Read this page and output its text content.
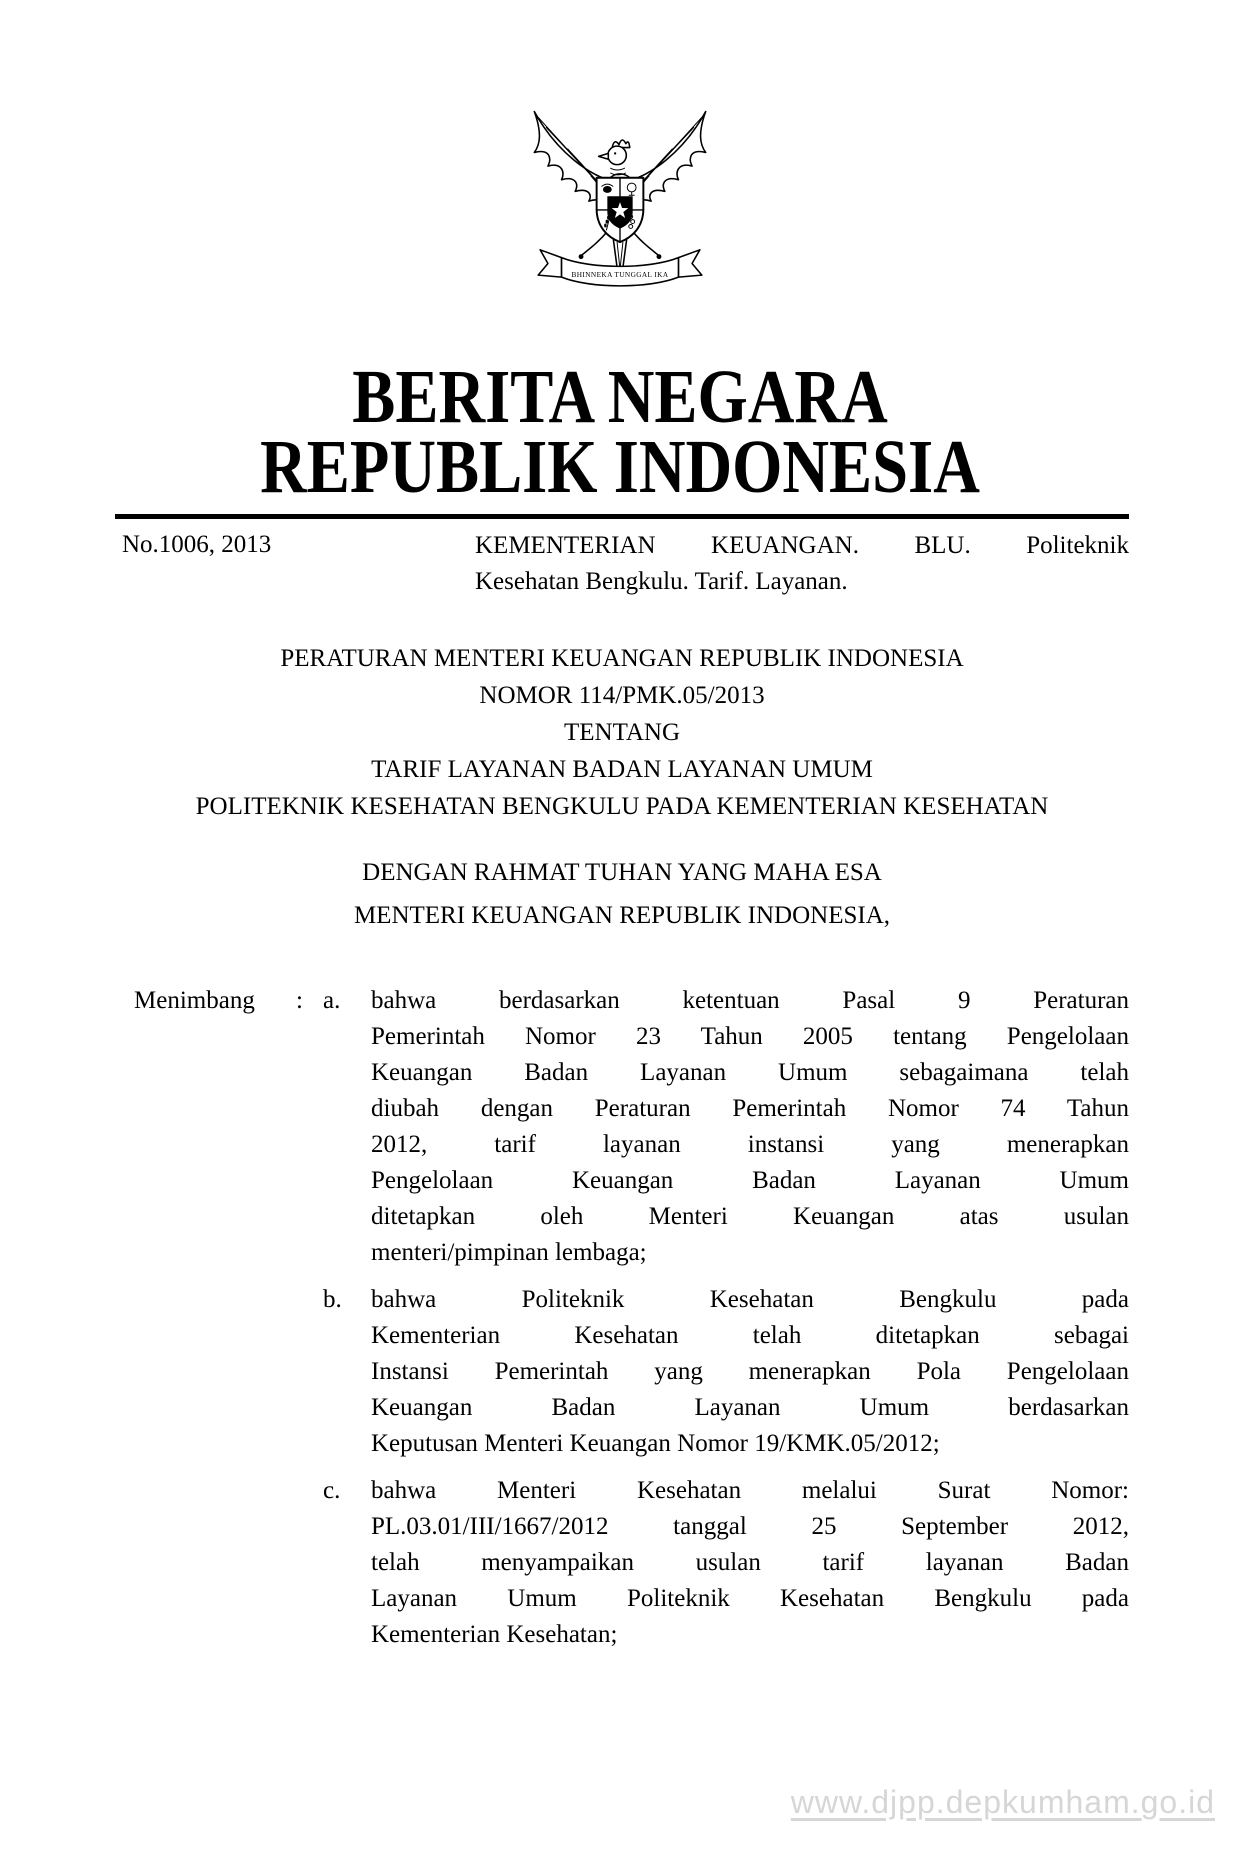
BHINNEKA TUNGGAL IKA
BERITA NEGARA
REPUBLIK INDONESIA
No.1006, 2013	KEMENTERIAN KEUANGAN. BLU. Politeknik
Kesehatan Bengkulu. Tarif. Layanan.
PERATURAN MENTERI KEUANGAN REPUBLIK INDONESIA
NOMOR 114/PMK.05/2013
TENTANG
TARIF LAYANAN BADAN LAYANAN UMUM
POLITEKNIK KESEHATAN BENGKULU PADA KEMENTERIAN KESEHATAN
DENGAN RAHMAT TUHAN YANG MAHA ESA
MENTERI KEUANGAN REPUBLIK INDONESIA,
Menimbang	: a.	bahwa berdasarkan ketentuan Pasal 9 Peraturan
Pemerintah Nomor 23 Tahun 2005 tentang Pengelolaan
Keuangan Badan Layanan Umum sebagaimana telah
diubah dengan Peraturan Pemerintah Nomor 74 Tahun
2012, tarif layanan instansi yang menerapkan
Pengelolaan Keuangan Badan Layanan Umum
ditetapkan oleh Menteri Keuangan atas usulan
menteri/pimpinan lembaga;
b.	bahwa Politeknik Kesehatan Bengkulu pada
Kementerian Kesehatan telah ditetapkan sebagai
Instansi Pemerintah yang menerapkan Pola Pengelolaan
Keuangan Badan Layanan Umum berdasarkan
Keputusan Menteri Keuangan Nomor 19/KMK.05/2012;
c.	bahwa Menteri Kesehatan melalui Surat Nomor:
PL.03.01/III/1667/2012 tanggal 25 September 2012,
telah menyampaikan usulan tarif layanan Badan
Layanan Umum Politeknik Kesehatan Bengkulu pada
Kementerian Kesehatan;
www.djpp.depkumham.go.id
